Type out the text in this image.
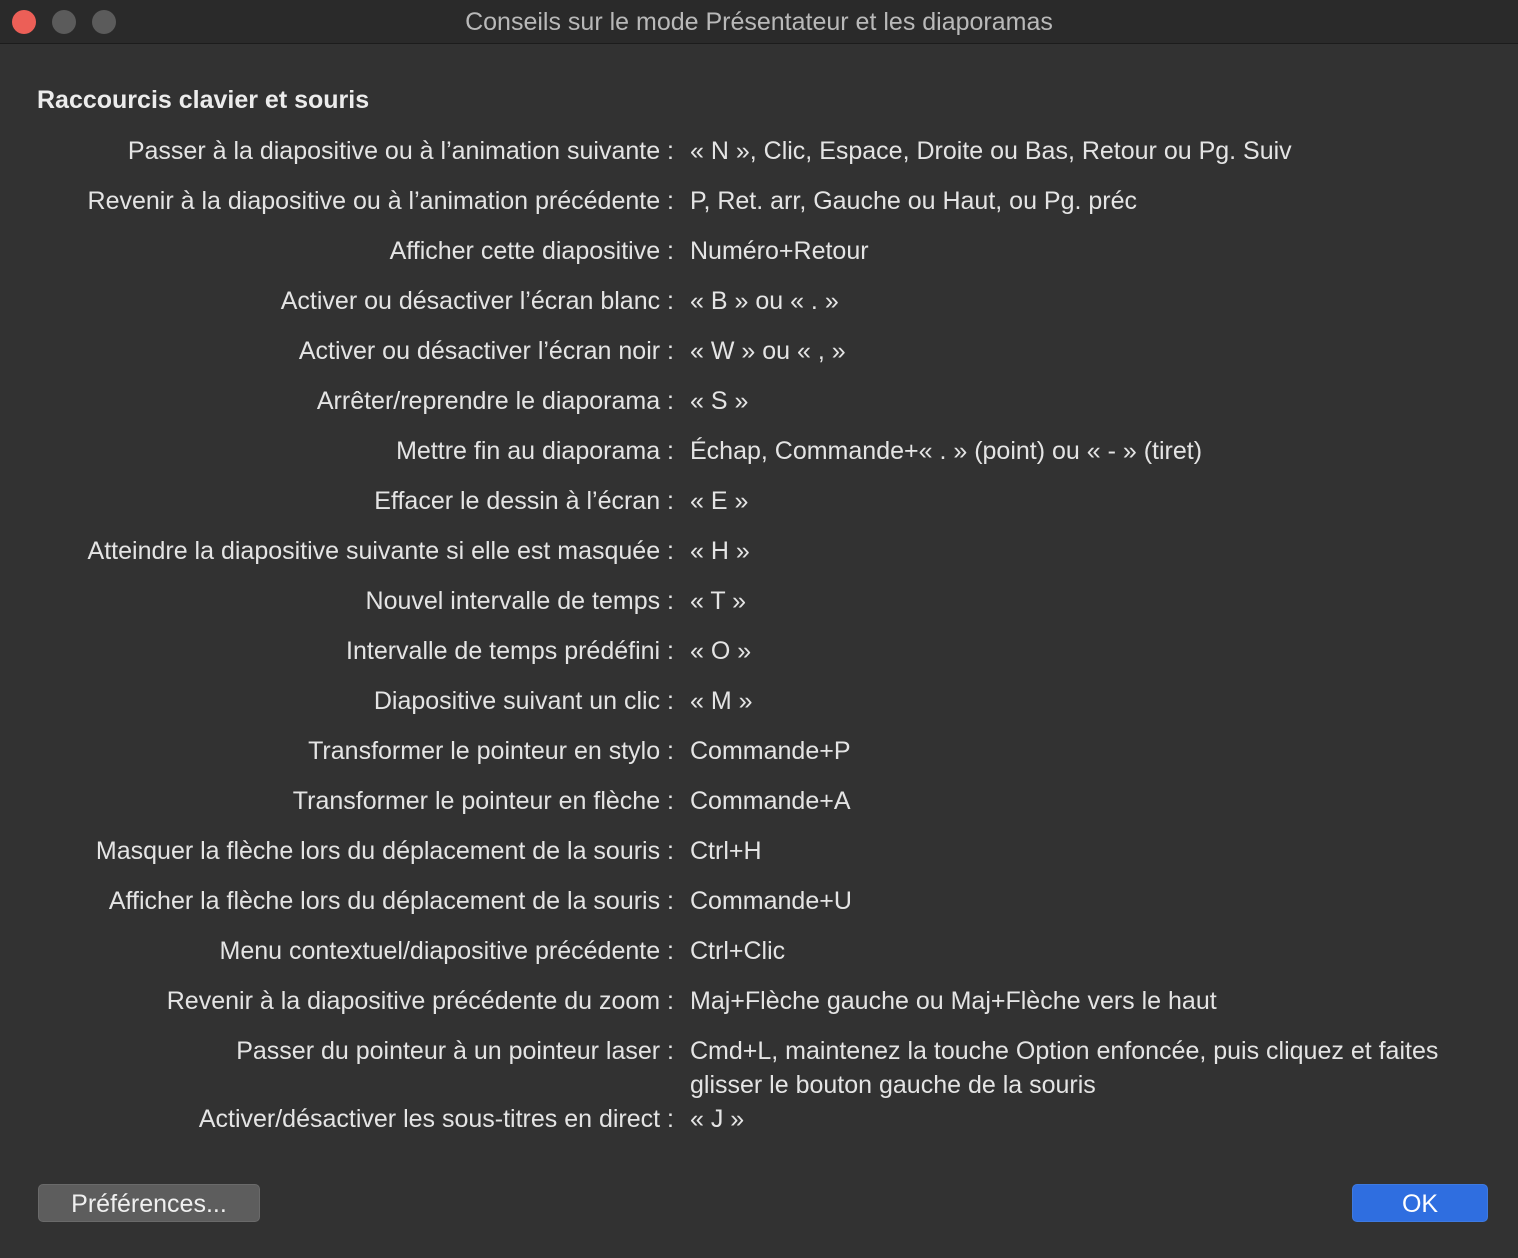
Conseils sur le mode Présentateur et les diaporamas
Raccourcis clavier et souris
Passer à la diapositive ou à l’animation suivante : « N », Clic, Espace, Droite ou Bas, Retour ou Pg. Suiv
Revenir à la diapositive ou à l’animation précédente : P, Ret. arr, Gauche ou Haut, ou Pg. préc
Afficher cette diapositive : Numéro+Retour
Activer ou désactiver l’écran blanc : « B » ou « . »
Activer ou désactiver l’écran noir : « W » ou « , »
Arrêter/reprendre le diaporama : « S »
Mettre fin au diaporama : Échap, Commande+« . » (point) ou « - » (tiret)
Effacer le dessin à l’écran : « E »
Atteindre la diapositive suivante si elle est masquée : « H »
Nouvel intervalle de temps : « T »
Intervalle de temps prédéfini : « O »
Diapositive suivant un clic : « M »
Transformer le pointeur en stylo : Commande+P
Transformer le pointeur en flèche : Commande+A
Masquer la flèche lors du déplacement de la souris : Ctrl+H
Afficher la flèche lors du déplacement de la souris : Commande+U
Menu contextuel/diapositive précédente : Ctrl+Clic
Revenir à la diapositive précédente du zoom : Maj+Flèche gauche ou Maj+Flèche vers le haut
Passer du pointeur à un pointeur laser : Cmd+L, maintenez la touche Option enfoncée, puis cliquez et faites glisser le bouton gauche de la souris
Activer/désactiver les sous-titres en direct : « J »
Préférences...	OK
